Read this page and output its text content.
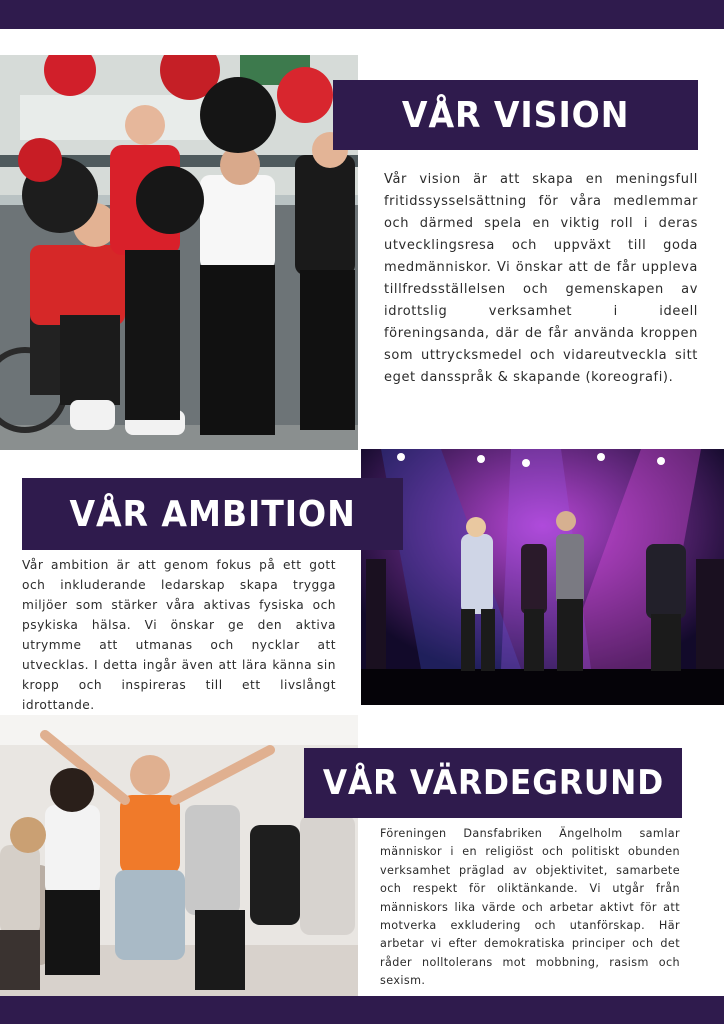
VÅR VISION

Vår vision är att skapa en meningsfull fritidssysselsättning för våra medlemmar och därmed spela en viktig roll i deras utvecklingsresa och uppväxt till goda medmänniskor. Vi önskar att de får uppleva tillfredsställelsen och gemenskapen av idrottslig verksamhet i ideell föreningsanda, där de får använda kroppen som uttrycksmedel och vidareutveckla sitt eget dansspråk & skapande (koreografi).

VÅR AMBITION

Vår ambition är att genom fokus på ett gott och inkluderande ledarskap skapa trygga miljöer som stärker våra aktivas fysiska och psykiska hälsa. Vi önskar ge den aktiva utrymme att utmanas och nycklar att utvecklas. I detta ingår även att lära känna sin kropp och inspireras till ett livslångt idrottande.

VÅR VÄRDEGRUND

Föreningen Dansfabriken Ängelholm samlar människor i en religiöst och politiskt obunden verksamhet präglad av objektivitet, samarbete och respekt för oliktänkande. Vi utgår från människors lika värde och arbetar aktivt för att motverka exkludering och utanförskap. Här arbetar vi efter demokratiska principer och det råder nolltolerans mot mobbning, rasism och sexism.
